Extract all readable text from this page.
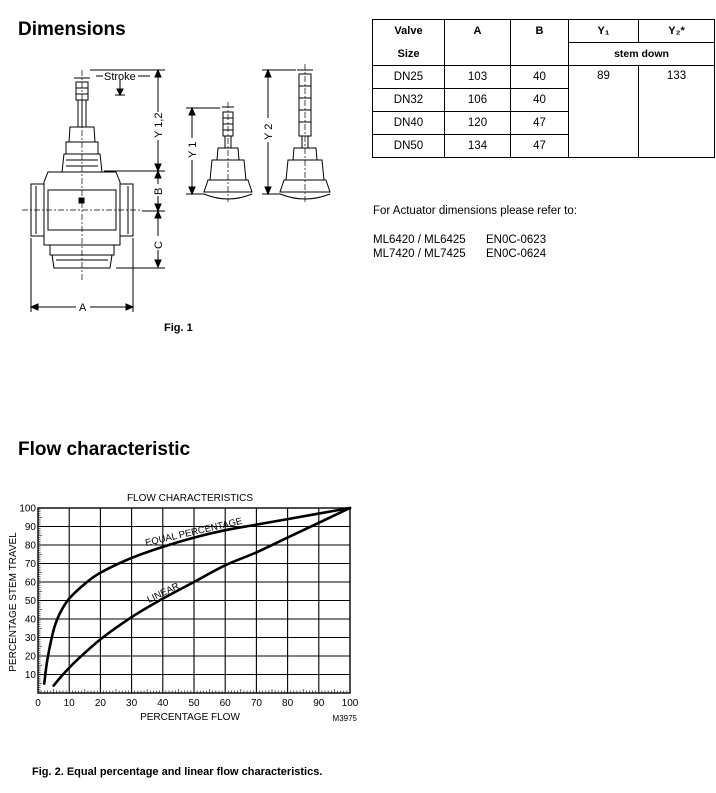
Dimensions
Stroke
Y 1,2
B
C
A
Y 1
Y 2
Fig. 1
Valve	A	B	Y₁	Y₂*
Size			stem down	
DN25	103	40	89	133
DN32	106	40		
DN40	120	47		
DN50	134	47		
For Actuator dimensions please refer to:
ML6420 / ML6425 EN0C-0623
ML7420 / ML7425 EN0C-0624
Flow characteristic
FLOW CHARACTERISTICS
PERCENTAGE STEM TRAVEL
PERCENTAGE FLOW	M3975
0 10 20 30 40 50 60 70 80 90 100
10
20
30
40
50
60
70
80
90
100
EQUAL PERCENTAGE
LINEAR
Fig. 2. Equal percentage and linear flow characteristics.
